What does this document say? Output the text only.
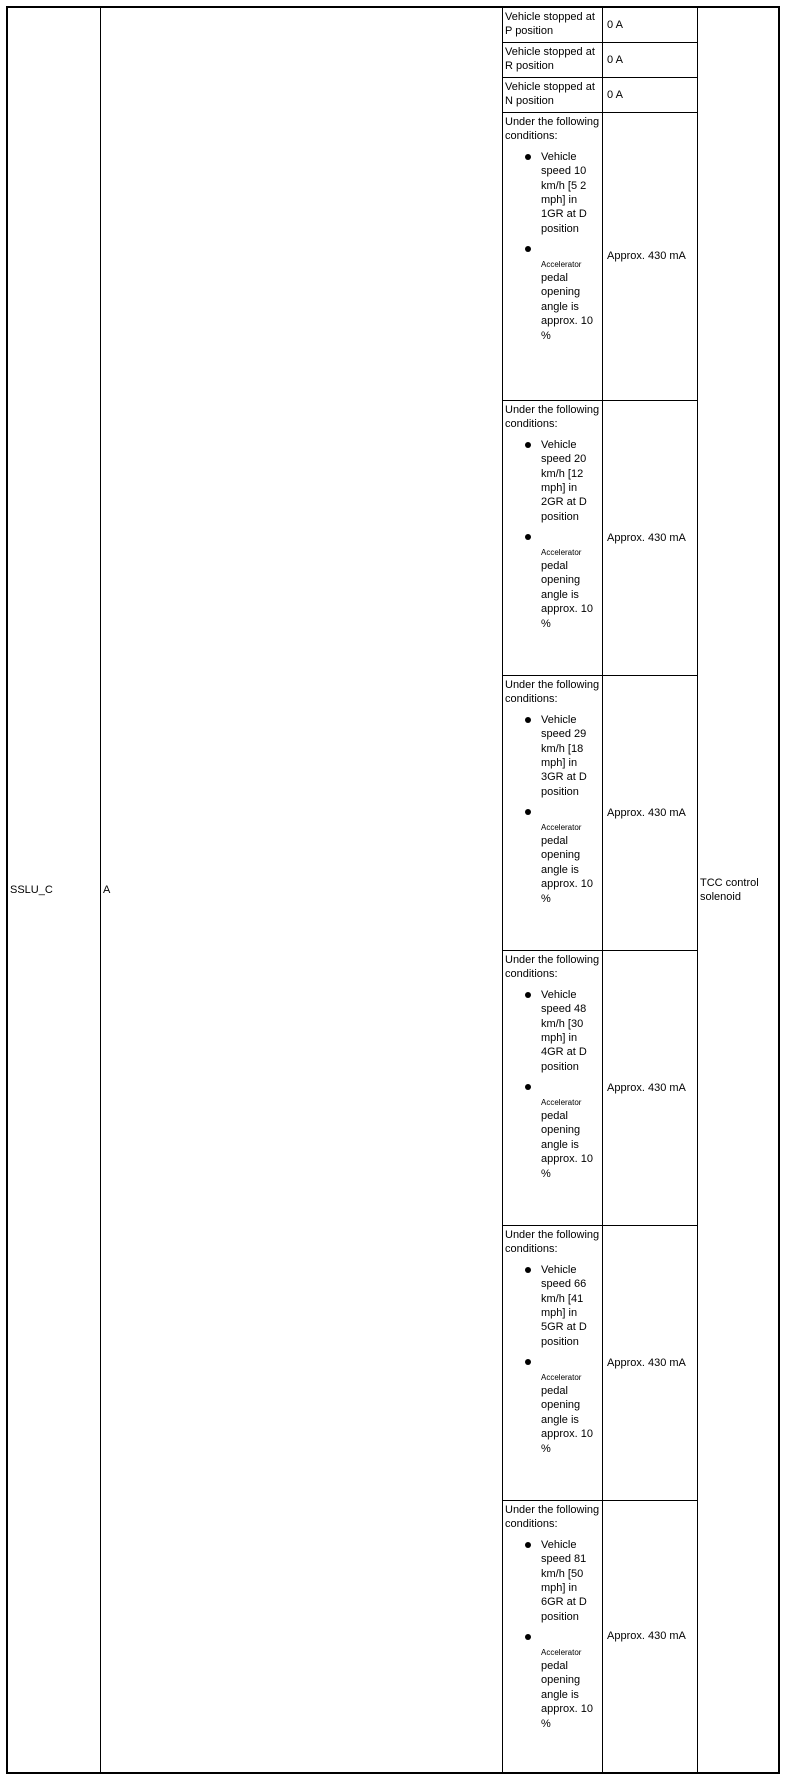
SSLU_C	A
Vehicle stopped at P position
0 A
Vehicle stopped at R position
0 A
Vehicle stopped at N position
0 A
Under the following conditions:
Vehicle speed 10 km/h [5 2 mph] in 1GR at D position

Accelerator
pedal opening angle is approx. 10 %
Approx. 430 mA
Under the following conditions:
Vehicle speed 20 km/h [12 mph] in 2GR at D position

Accelerator
pedal opening angle is approx. 10 %
Approx. 430 mA
Under the following conditions:
Vehicle speed 29 km/h [18 mph] in 3GR at D position

Accelerator
pedal opening angle is approx. 10 %
Approx. 430 mA
Under the following conditions:
Vehicle speed 48 km/h [30 mph] in 4GR at D position

Accelerator
pedal opening angle is approx. 10 %
Approx. 430 mA
Under the following conditions:
Vehicle speed 66 km/h [41 mph] in 5GR at D position

Accelerator
pedal opening angle is approx. 10 %
Approx. 430 mA
Under the following conditions:
Vehicle speed 81 km/h [50 mph] in 6GR at D position

Accelerator
pedal opening angle is approx. 10 %
Approx. 430 mA
TCC control
solenoid
